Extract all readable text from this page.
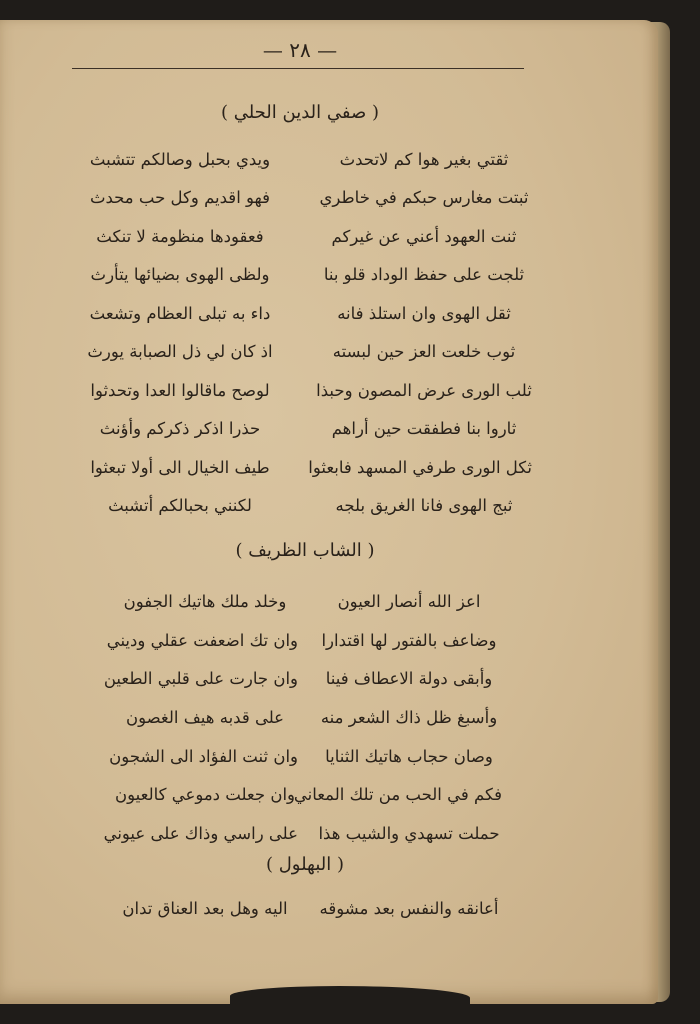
— ٢٨ —
( صفي الدين الحلي )
ثقتي بغير هوا كم لاتحدث
ويدي بحبل وصالكم تتشبث
ثبتت مغارس حبكم في خاطري
فهو اقديم وكل حب محدث
ثنت العهود أعني عن غيركم
فعقودها منظومة لا تنكث
ثلجت على حفظ الوداد قلو بنا
ولظى الهوى بضيائها يتأرث
ثقل الهوى وان استلذ فانه
داء به تبلى العظام وتشعث
ثوب خلعت العز حين لبسته
اذ كان لي ذل الصبابة يورث
ثلب الورى عرض المصون وحبذا
لوصح ماقالوا العدا وتحدثوا
ثاروا بنا فطفقت حين أراهم
حذرا اذكر ذكركم وأؤنث
ثكل الورى طرفي المسهد فابعثوا
طيف الخيال الى أولا تبعثوا
ثبج الهوى فانا الغريق بلجه
لكنني بحبالكم أتشبث
( الشاب الظريف )
اعز الله أنصار العيون
وخلد ملك هاتيك الجفون
وضاعف بالفتور لها اقتدارا
وان تك اضعفت عقلي وديني
وأبقى دولة الاعطاف فينا
وان جارت على قلبي الطعين
وأسبغ ظل ذاك الشعر منه
على قدبه هيف الغصون
وصان حجاب هاتيك الثنايا
وان ثنت الفؤاد الى الشجون
فكم في الحب من تلك المعاني
وان جعلت دموعي كالعيون
حملت تسهدي والشيب هذا
على راسي وذاك على عيوني
( البهلول )
أعانقه والنفس بعد مشوقه
اليه وهل بعد العناق تدان
